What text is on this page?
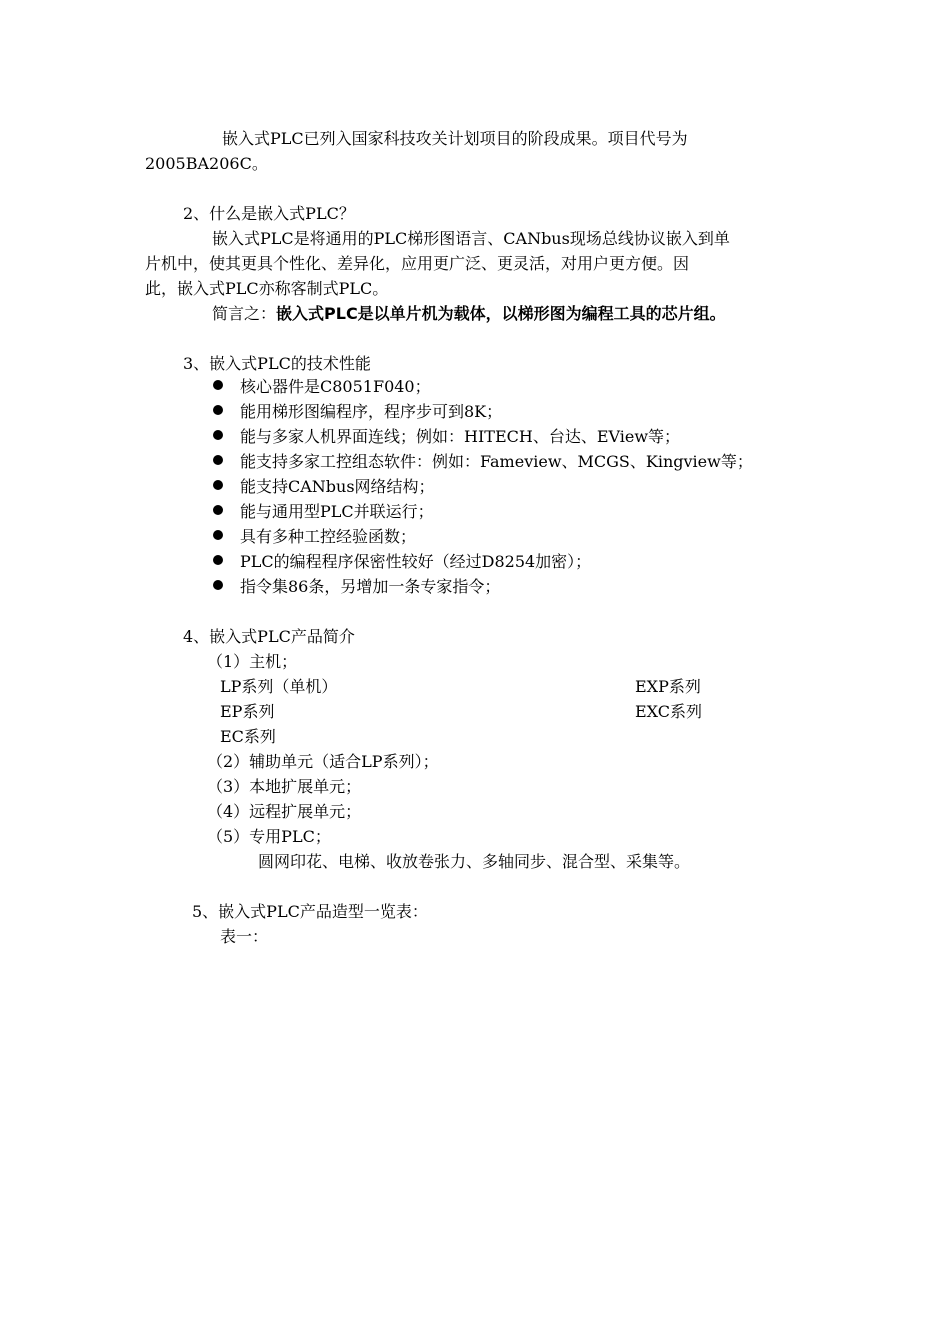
嵌入式PLC已列入国家科技攻关计划项目的阶段成果。项目代号为
2005BA206C。
2、什么是嵌入式PLC？
嵌入式PLC是将通用的PLC梯形图语言、CANbus现场总线协议嵌入到单
片机中，使其更具个性化、差异化，应用更广泛、更灵活，对用户更方便。因
此，嵌入式PLC亦称客制式PLC。
简言之：嵌入式PLC是以单片机为载体，以梯形图为编程工具的芯片组。
3、嵌入式PLC的技术性能
核心器件是C8051F040；
能用梯形图编程序，程序步可到8K；
能与多家人机界面连线；例如：HITECH、台达、EView等；
能支持多家工控组态软件：例如：Fameview、MCGS、Kingview等；
能支持CANbus网络结构；
能与通用型PLC并联运行；
具有多种工控经验函数；
PLC的编程程序保密性较好（经过D8254加密）；
指令集86条，另增加一条专家指令；
4、嵌入式PLC产品简介
（1）主机；
LP系列（单机）	EXP系列
EP系列	EXC系列
EC系列
（2）辅助单元（适合LP系列）；
（3）本地扩展单元；
（4）远程扩展单元；
（5）专用PLC；
圆网印花、电梯、收放卷张力、多轴同步、混合型、采集等。
5、嵌入式PLC产品造型一览表：
表一：
